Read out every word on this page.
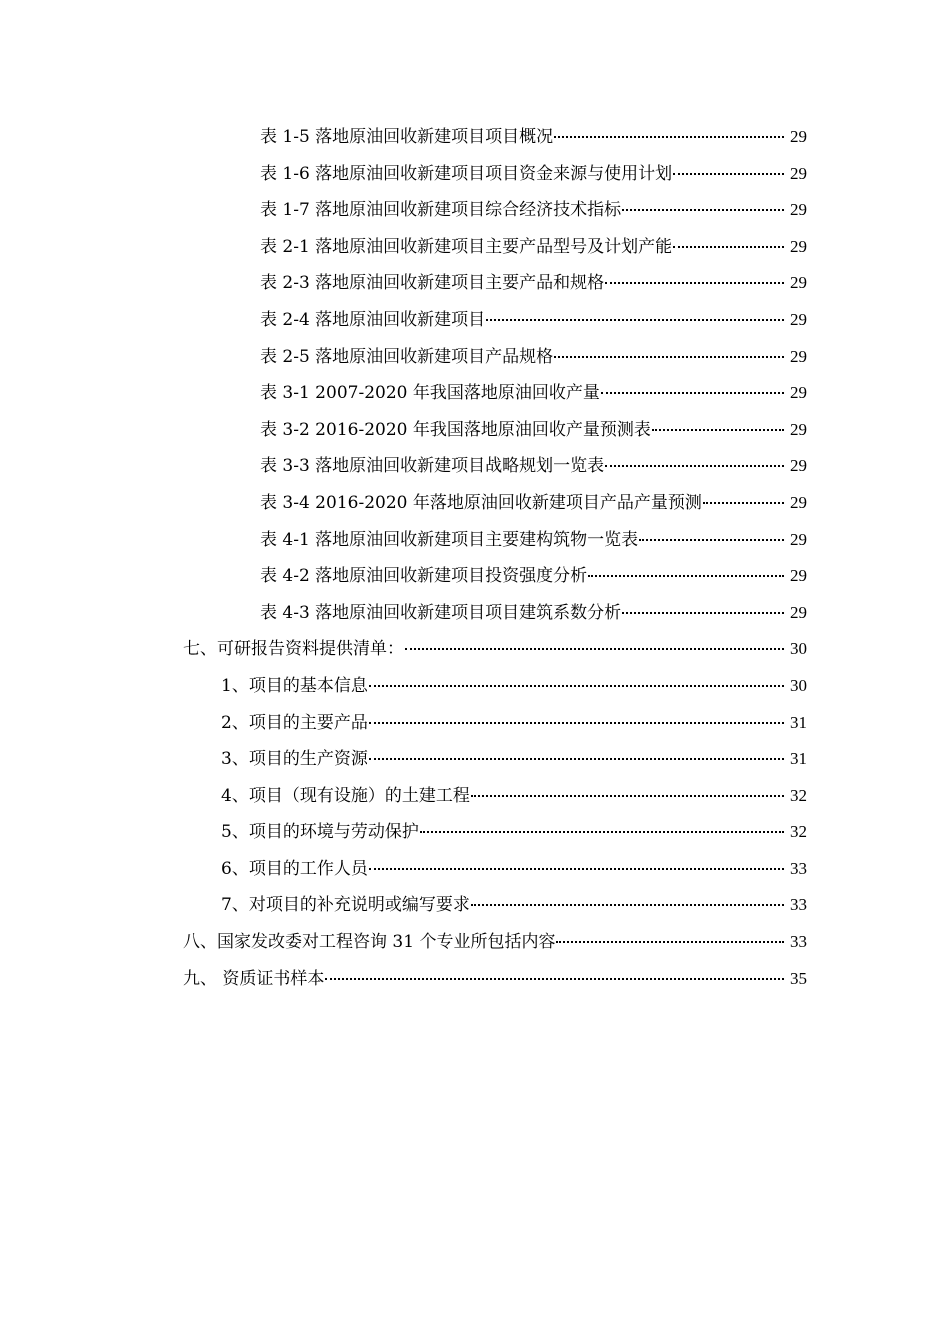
表 1-5 落地原油回收新建项目项目概况	29
表 1-6 落地原油回收新建项目项目资金来源与使用计划	29
表 1-7 落地原油回收新建项目综合经济技术指标	29
表 2-1 落地原油回收新建项目主要产品型号及计划产能	29
表 2-3 落地原油回收新建项目主要产品和规格	29
表 2-4 落地原油回收新建项目	29
表 2-5 落地原油回收新建项目产品规格	29
表 3-1 2007-2020 年我国落地原油回收产量	29
表 3-2 2016-2020 年我国落地原油回收产量预测表	29
表 3-3 落地原油回收新建项目战略规划一览表	29
表 3-4 2016-2020 年落地原油回收新建项目产品产量预测	29
表 4-1 落地原油回收新建项目主要建构筑物一览表	29
表 4-2 落地原油回收新建项目投资强度分析	29
表 4-3 落地原油回收新建项目项目建筑系数分析	29
七、可研报告资料提供清单：	30
1、项目的基本信息	30
2、项目的主要产品	31
3、项目的生产资源	31
4、项目（现有设施）的土建工程	32
5、项目的环境与劳动保护	32
6、项目的工作人员	33
7、对项目的补充说明或编写要求	33
八、国家发改委对工程咨询 31 个专业所包括内容	33
九、 资质证书样本	35
